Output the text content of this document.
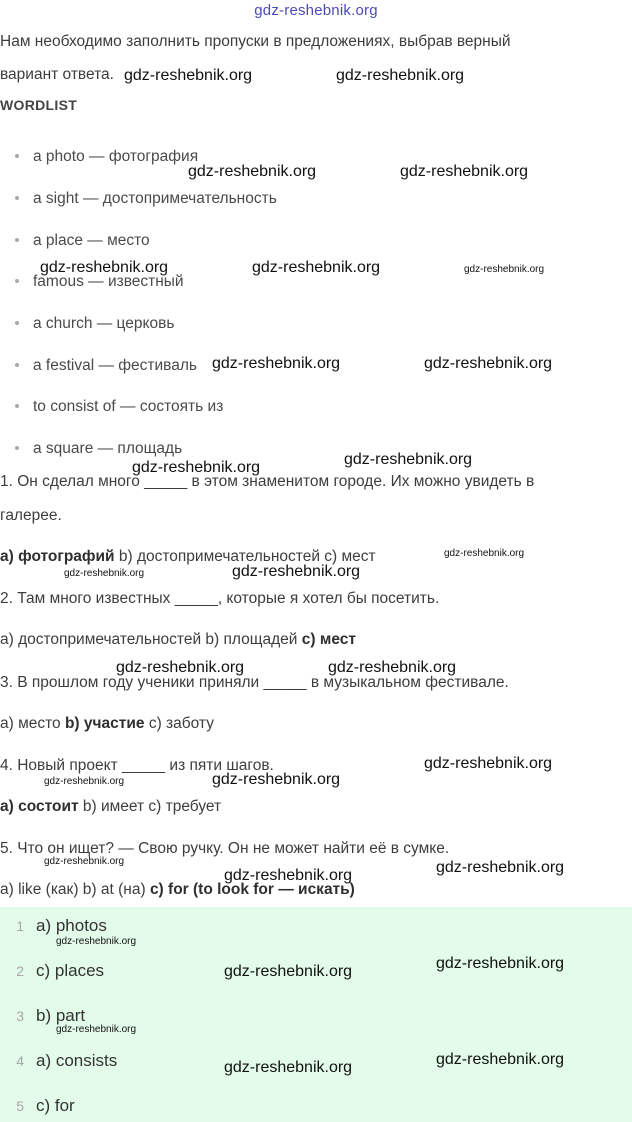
gdz-reshebnik.org
Нам необходимо заполнить пропуски в предложениях, выбрав верный
вариант ответа.
WORDLIST
a photo — фотография
a sight — достопримечательность
a place — место
famous — известный
a church — церковь
a festival — фестиваль
to consist of — состоять из
a square — площадь
1. Он сделал много _____ в этом знаменитом городе. Их можно увидеть в
галерее.
a) фотографий b) достопримечательностей c) мест
2. Там много известных _____, которые я хотел бы посетить.
а) достопримечательностей b) площадей c) мест
3. В прошлом году ученики приняли _____ в музыкальном фестивале.
а) место b) участие c) заботу
4. Новый проект _____ из пяти шагов.
а) состоит b) имеет c) требует
5. Что он ищет? — Свою ручку. Он не может найти её в сумке.
а) like (как) b) at (на) c) for (to look for — искать)
1 a) photos
2 c) places
3 b) part
4 a) consists
5 c) for
gdz-reshebnik.org	gdz-reshebnik.org
gdz-reshebnik.org	gdz-reshebnik.org
gdz-reshebnik.org	gdz-reshebnik.org	gdz-reshebnik.org
gdz-reshebnik.org	gdz-reshebnik.org
gdz-reshebnik.org	gdz-reshebnik.org
gdz-reshebnik.org
gdz-reshebnik.org	gdz-reshebnik.org
gdz-reshebnik.org	gdz-reshebnik.org
gdz-reshebnik.org
gdz-reshebnik.org	gdz-reshebnik.org
gdz-reshebnik.org	gdz-reshebnik.org
gdz-reshebnik.org
gdz-reshebnik.org
gdz-reshebnik.org
gdz-reshebnik.org
gdz-reshebnik.org
gdz-reshebnik.org
gdz-reshebnik.org
